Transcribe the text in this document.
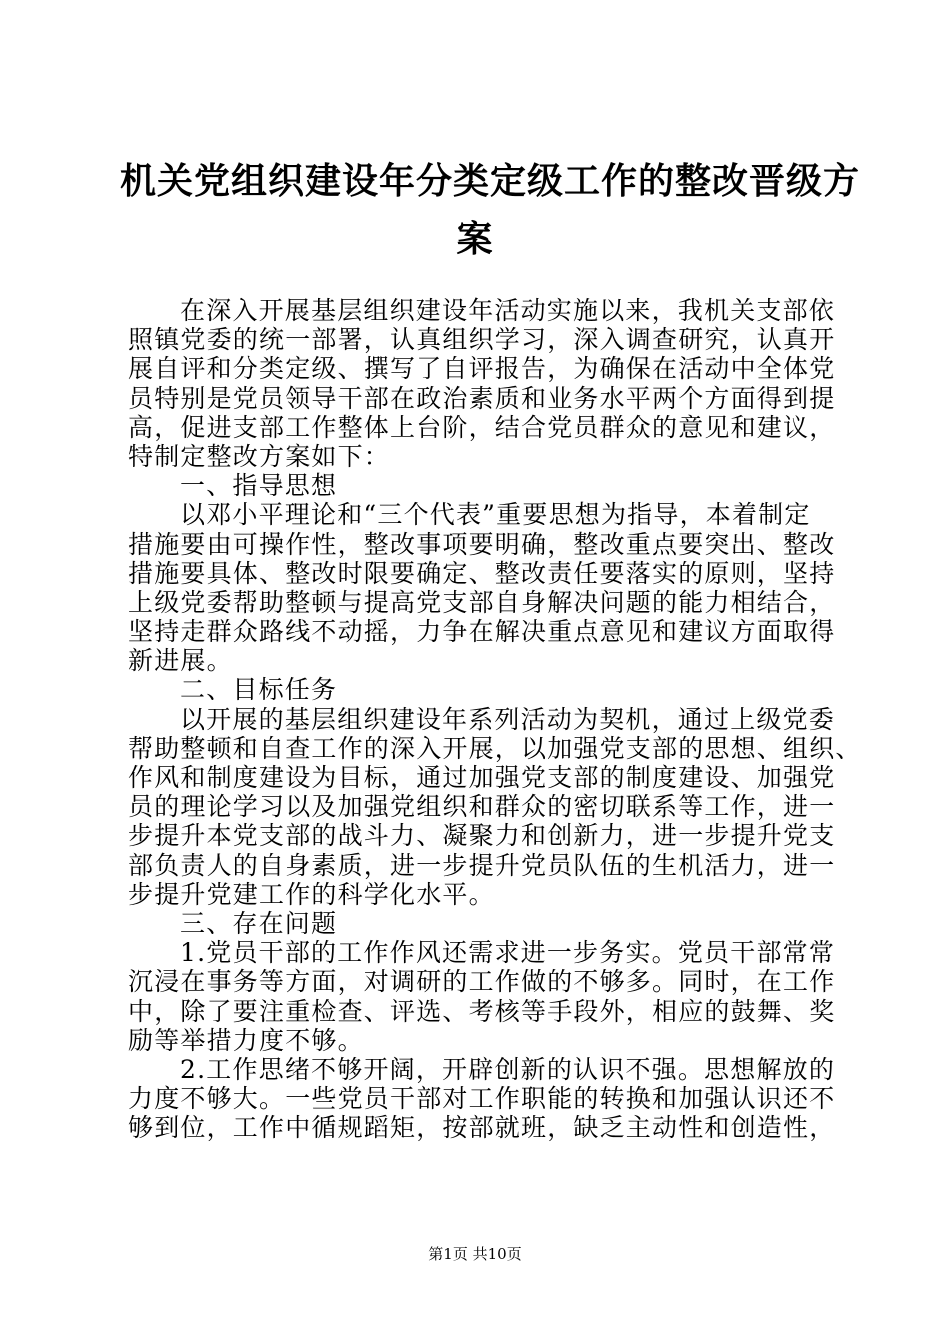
机关党组织建设年分类定级工作的整改晋级方
案
在深入开展基层组织建设年活动实施以来，我机关支部依
照镇党委的统一部署，认真组织学习，深入调查研究，认真开
展自评和分类定级、撰写了自评报告，为确保在活动中全体党
员特别是党员领导干部在政治素质和业务水平两个方面得到提
高，促进支部工作整体上台阶，结合党员群众的意见和建议，
特制定整改方案如下：
一、指导思想
以邓小平理论和“三个代表”重要思想为指导，本着制定
措施要由可操作性，整改事项要明确，整改重点要突出、整改
措施要具体、整改时限要确定、整改责任要落实的原则，坚持
上级党委帮助整顿与提高党支部自身解决问题的能力相结合，
坚持走群众路线不动摇，力争在解决重点意见和建议方面取得
新进展。
二、目标任务
以开展的基层组织建设年系列活动为契机，通过上级党委
帮助整顿和自查工作的深入开展，以加强党支部的思想、组织、
作风和制度建设为目标，通过加强党支部的制度建设、加强党
员的理论学习以及加强党组织和群众的密切联系等工作，进一
步提升本党支部的战斗力、凝聚力和创新力，进一步提升党支
部负责人的自身素质，进一步提升党员队伍的生机活力，进一
步提升党建工作的科学化水平。
三、存在问题
1.党员干部的工作作风还需求进一步务实。党员干部常常
沉浸在事务等方面，对调研的工作做的不够多。同时，在工作
中，除了要注重检查、评选、考核等手段外，相应的鼓舞、奖
励等举措力度不够。
2.工作思绪不够开阔，开辟创新的认识不强。思想解放的
力度不够大。一些党员干部对工作职能的转换和加强认识还不
够到位，工作中循规蹈矩，按部就班，缺乏主动性和创造性，
第1页 共10页
